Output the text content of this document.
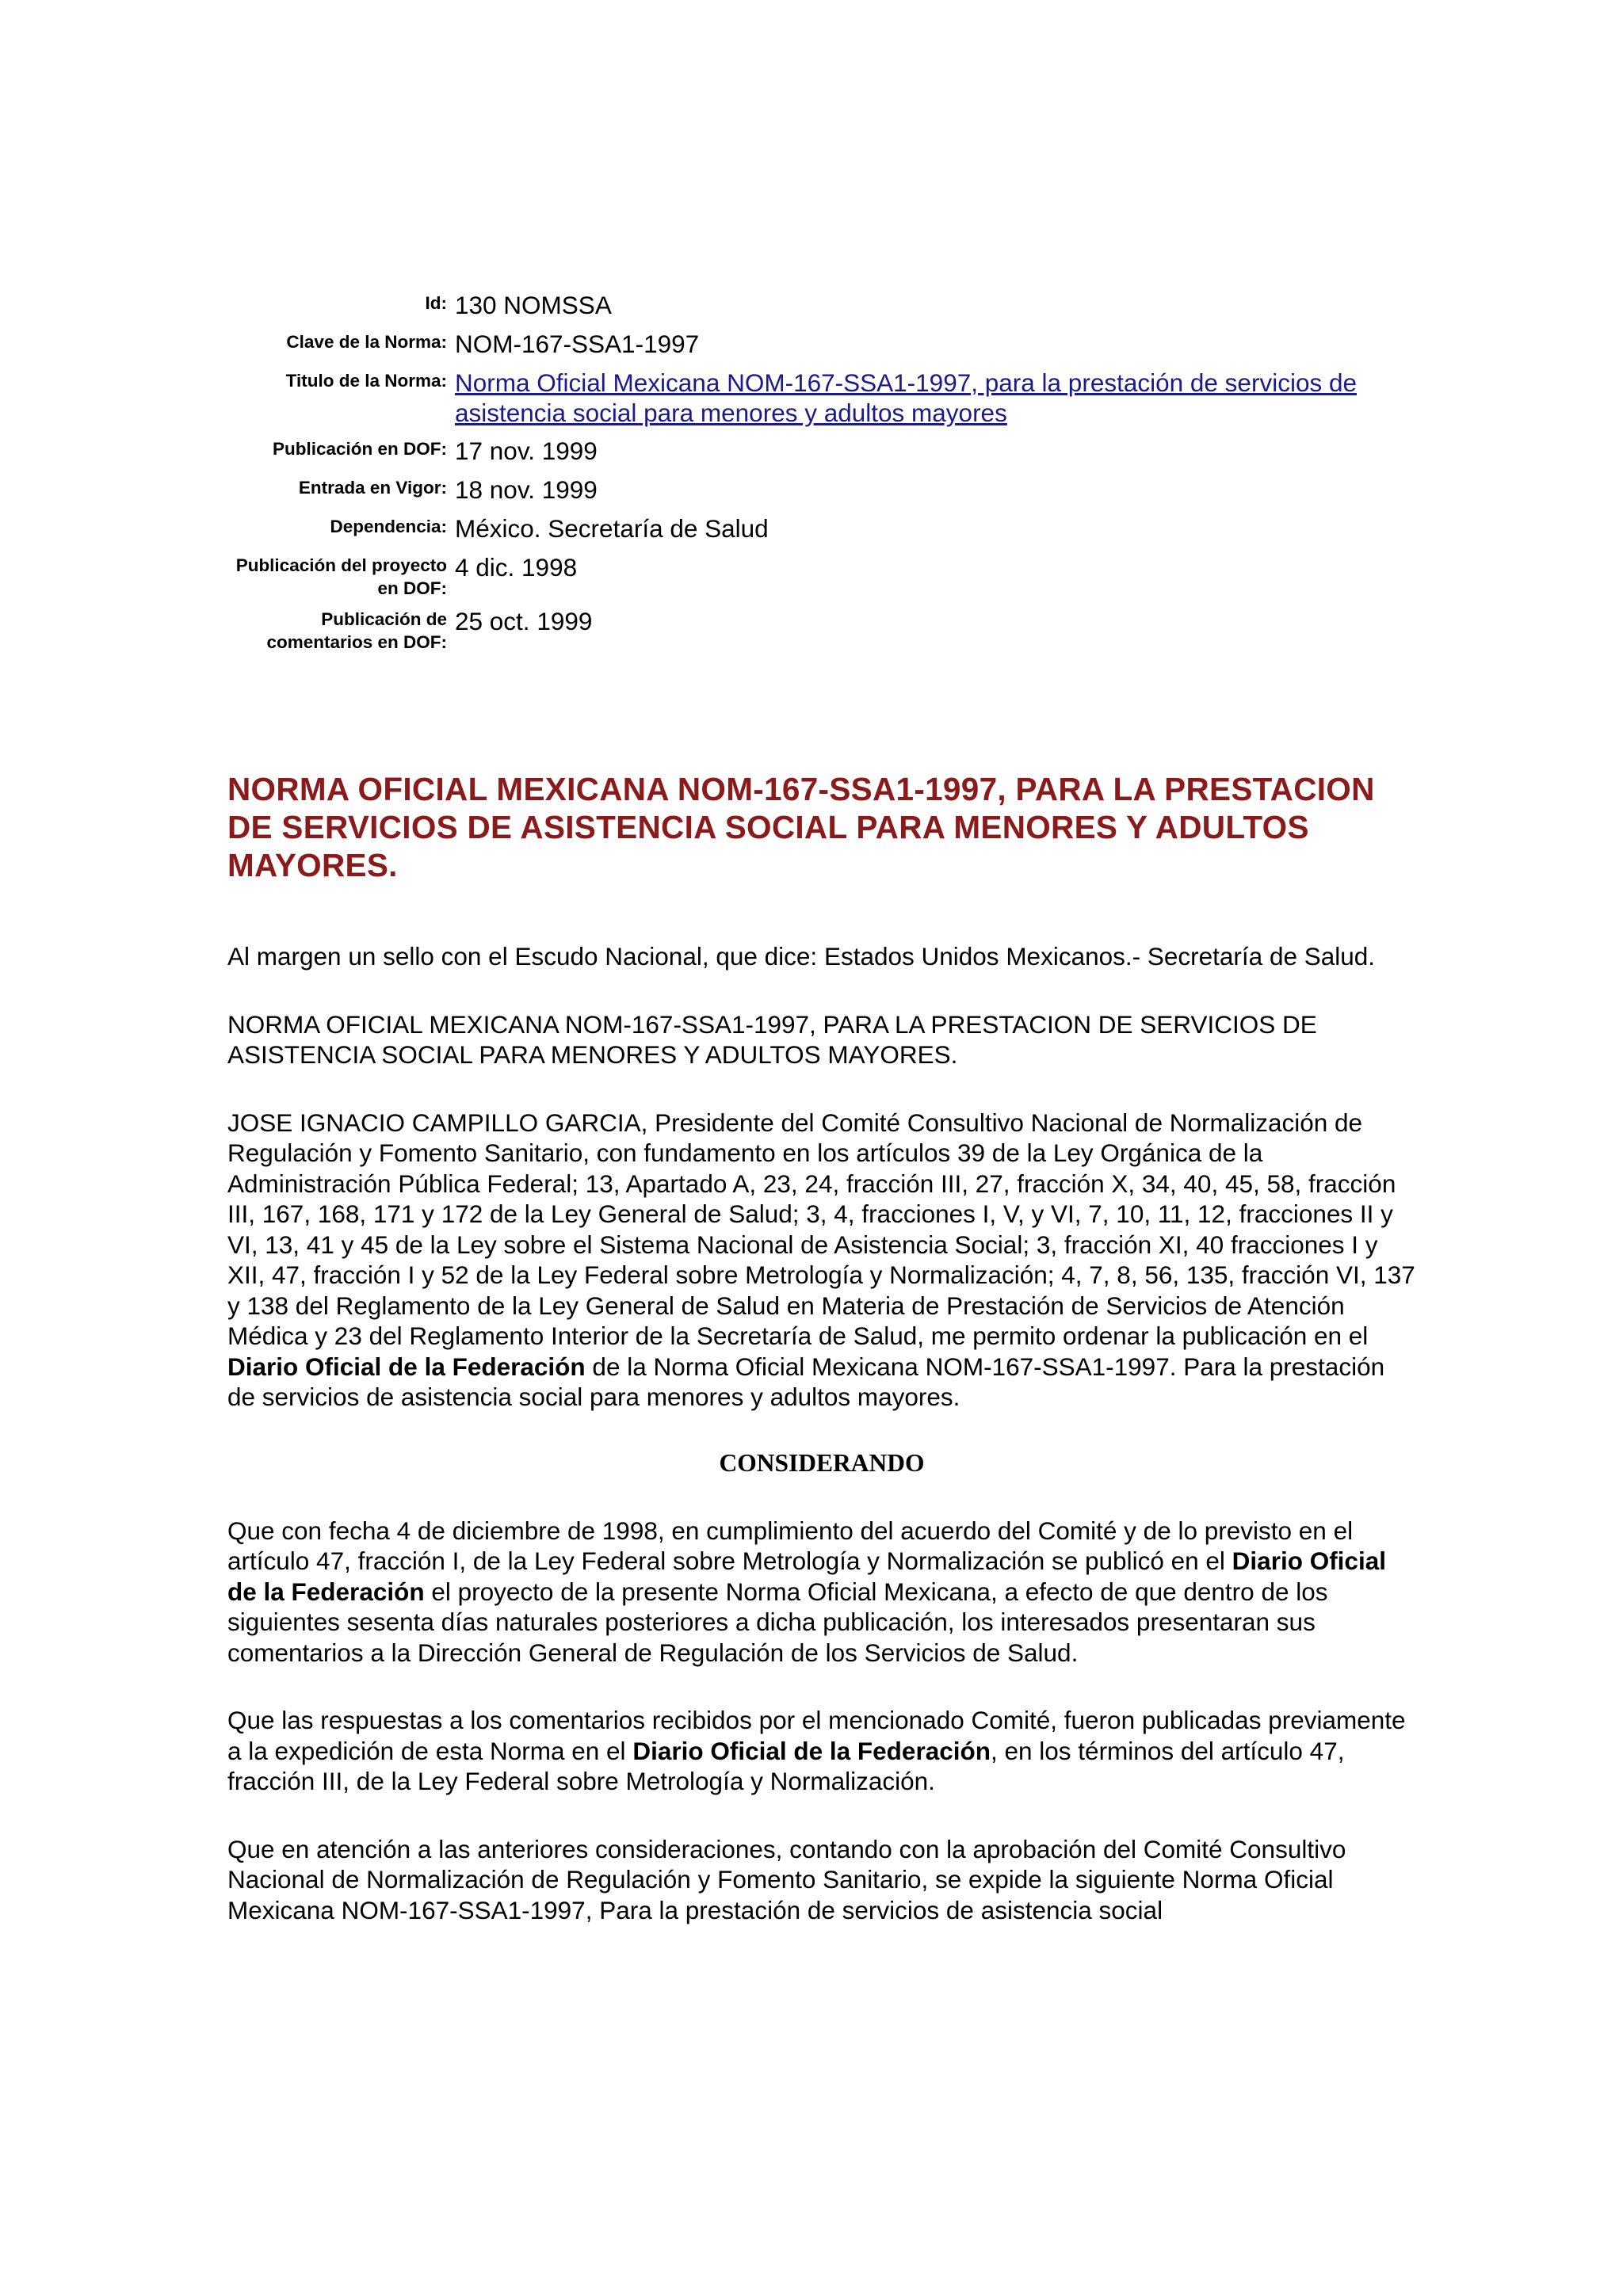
Id: 130 NOMSSA
Clave de la Norma: NOM-167-SSA1-1997
Titulo de la Norma: Norma Oficial Mexicana NOM-167-SSA1-1997, para la prestación de servicios de asistencia social para menores y adultos mayores
Publicación en DOF: 17 nov. 1999
Entrada en Vigor: 18 nov. 1999
Dependencia: México. Secretaría de Salud
Publicación del proyecto en DOF:
4 dic. 1998
Publicación de comentarios en DOF:
25 oct. 1999
NORMA OFICIAL MEXICANA NOM-167-SSA1-1997, PARA LA PRESTACION DE SERVICIOS DE ASISTENCIA SOCIAL PARA MENORES Y ADULTOS MAYORES.

Al margen un sello con el Escudo Nacional, que dice: Estados Unidos Mexicanos.- Secretaría de Salud.

NORMA OFICIAL MEXICANA NOM-167-SSA1-1997, PARA LA PRESTACION DE SERVICIOS DE ASISTENCIA SOCIAL PARA MENORES Y ADULTOS MAYORES.

JOSE IGNACIO CAMPILLO GARCIA, Presidente del Comité Consultivo Nacional de Normalización de Regulación y Fomento Sanitario, con fundamento en los artículos 39 de la Ley Orgánica de la Administración Pública Federal; 13, Apartado A, 23, 24, fracción III, 27, fracción X, 34, 40, 45, 58, fracción III, 167, 168, 171 y 172 de la Ley General de Salud; 3, 4, fracciones I, V, y VI, 7, 10, 11, 12, fracciones II y VI, 13, 41 y 45 de la Ley sobre el Sistema Nacional de Asistencia Social; 3, fracción XI, 40 fracciones I y XII, 47, fracción I y 52 de la Ley Federal sobre Metrología y Normalización; 4, 7, 8, 56, 135, fracción VI, 137 y 138 del Reglamento de la Ley General de Salud en Materia de Prestación de Servicios de Atención Médica y 23 del Reglamento Interior de la Secretaría de Salud, me permito ordenar la publicación en el Diario Oficial de la Federación de la Norma Oficial Mexicana NOM-167-SSA1-1997. Para la prestación de servicios de asistencia social para menores y adultos mayores.

CONSIDERANDO

Que con fecha 4 de diciembre de 1998, en cumplimiento del acuerdo del Comité y de lo previsto en el artículo 47, fracción I, de la Ley Federal sobre Metrología y Normalización se publicó en el Diario Oficial de la Federación el proyecto de la presente Norma Oficial Mexicana, a efecto de que dentro de los siguientes sesenta días naturales posteriores a dicha publicación, los interesados presentaran sus comentarios a la Dirección General de Regulación de los Servicios de Salud.

Que las respuestas a los comentarios recibidos por el mencionado Comité, fueron publicadas previamente a la expedición de esta Norma en el Diario Oficial de la Federación, en los términos del artículo 47, fracción III, de la Ley Federal sobre Metrología y Normalización.

Que en atención a las anteriores consideraciones, contando con la aprobación del Comité Consultivo Nacional de Normalización de Regulación y Fomento Sanitario, se expide la siguiente Norma Oficial Mexicana NOM-167-SSA1-1997, Para la prestación de servicios de asistencia social
